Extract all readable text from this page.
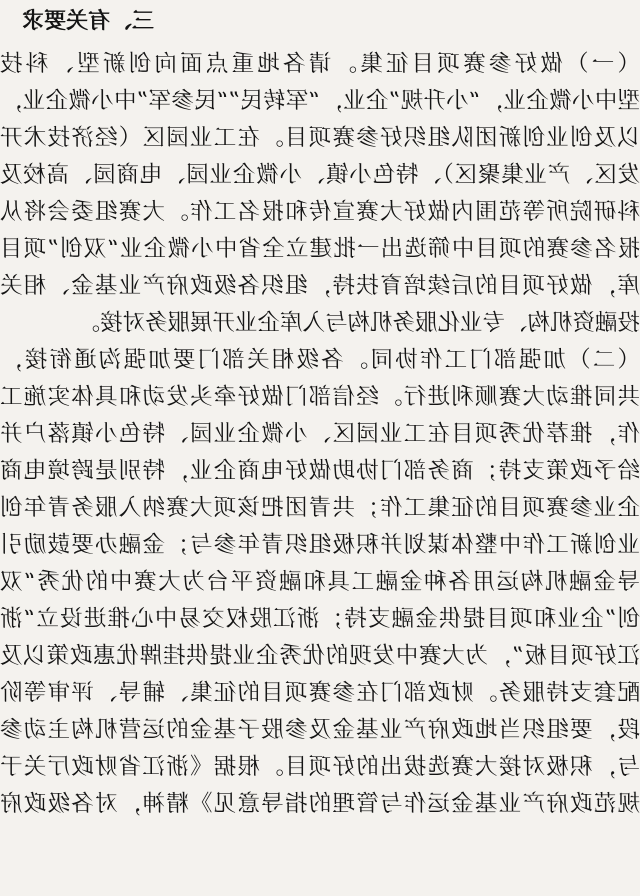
三、有关要求

（一）做好参赛项目征集。请各地重点面向创新型、科技

型中小微企业，“小升规”企业，“军转民”“民参军”中小微企业，

以及创业创新团队组织好参赛项目。在工业园区（经济技术开

发区、产业集聚区）、特色小镇、小微企业园、电商园、高校及

科研院所等范围内做好大赛宣传和报名工作。大赛组委会将从

报名参赛的项目中筛选出一批建立全省中小微企业“双创”项目

库，做好项目的后续培育扶持，组织各级政府产业基金、相关

投融资机构、专业化服务机构与入库企业开展服务对接。

（二）加强部门工作协同。各级相关部门要加强沟通衔接，

共同推动大赛顺利进行。经信部门做好牵头发动和具体实施工

作，推荐优秀项目在工业园区、小微企业园、特色小镇落户并

给予政策支持；商务部门协助做好电商企业，特别是跨境电商

企业参赛项目的征集工作；共青团把该项大赛纳入服务青年创

业创新工作中整体谋划并积极组织青年参与；金融办要鼓励引

导金融机构运用各种金融工具和融资平台为大赛中的优秀“双

创”企业和项目提供金融支持；浙江股权交易中心推进设立“浙

江好项目板”，为大赛中发现的优秀企业提供挂牌优惠政策以及

配套支持服务。财政部门在参赛项目的征集、辅导、评审等阶

段，要组织当地政府产业基金及参股子基金的运营机构主动参

与，积极对接大赛选拔出的好项目。根据《浙江省财政厅关于

规范政府产业基金运作与管理的指导意见》精神，对各级政府
